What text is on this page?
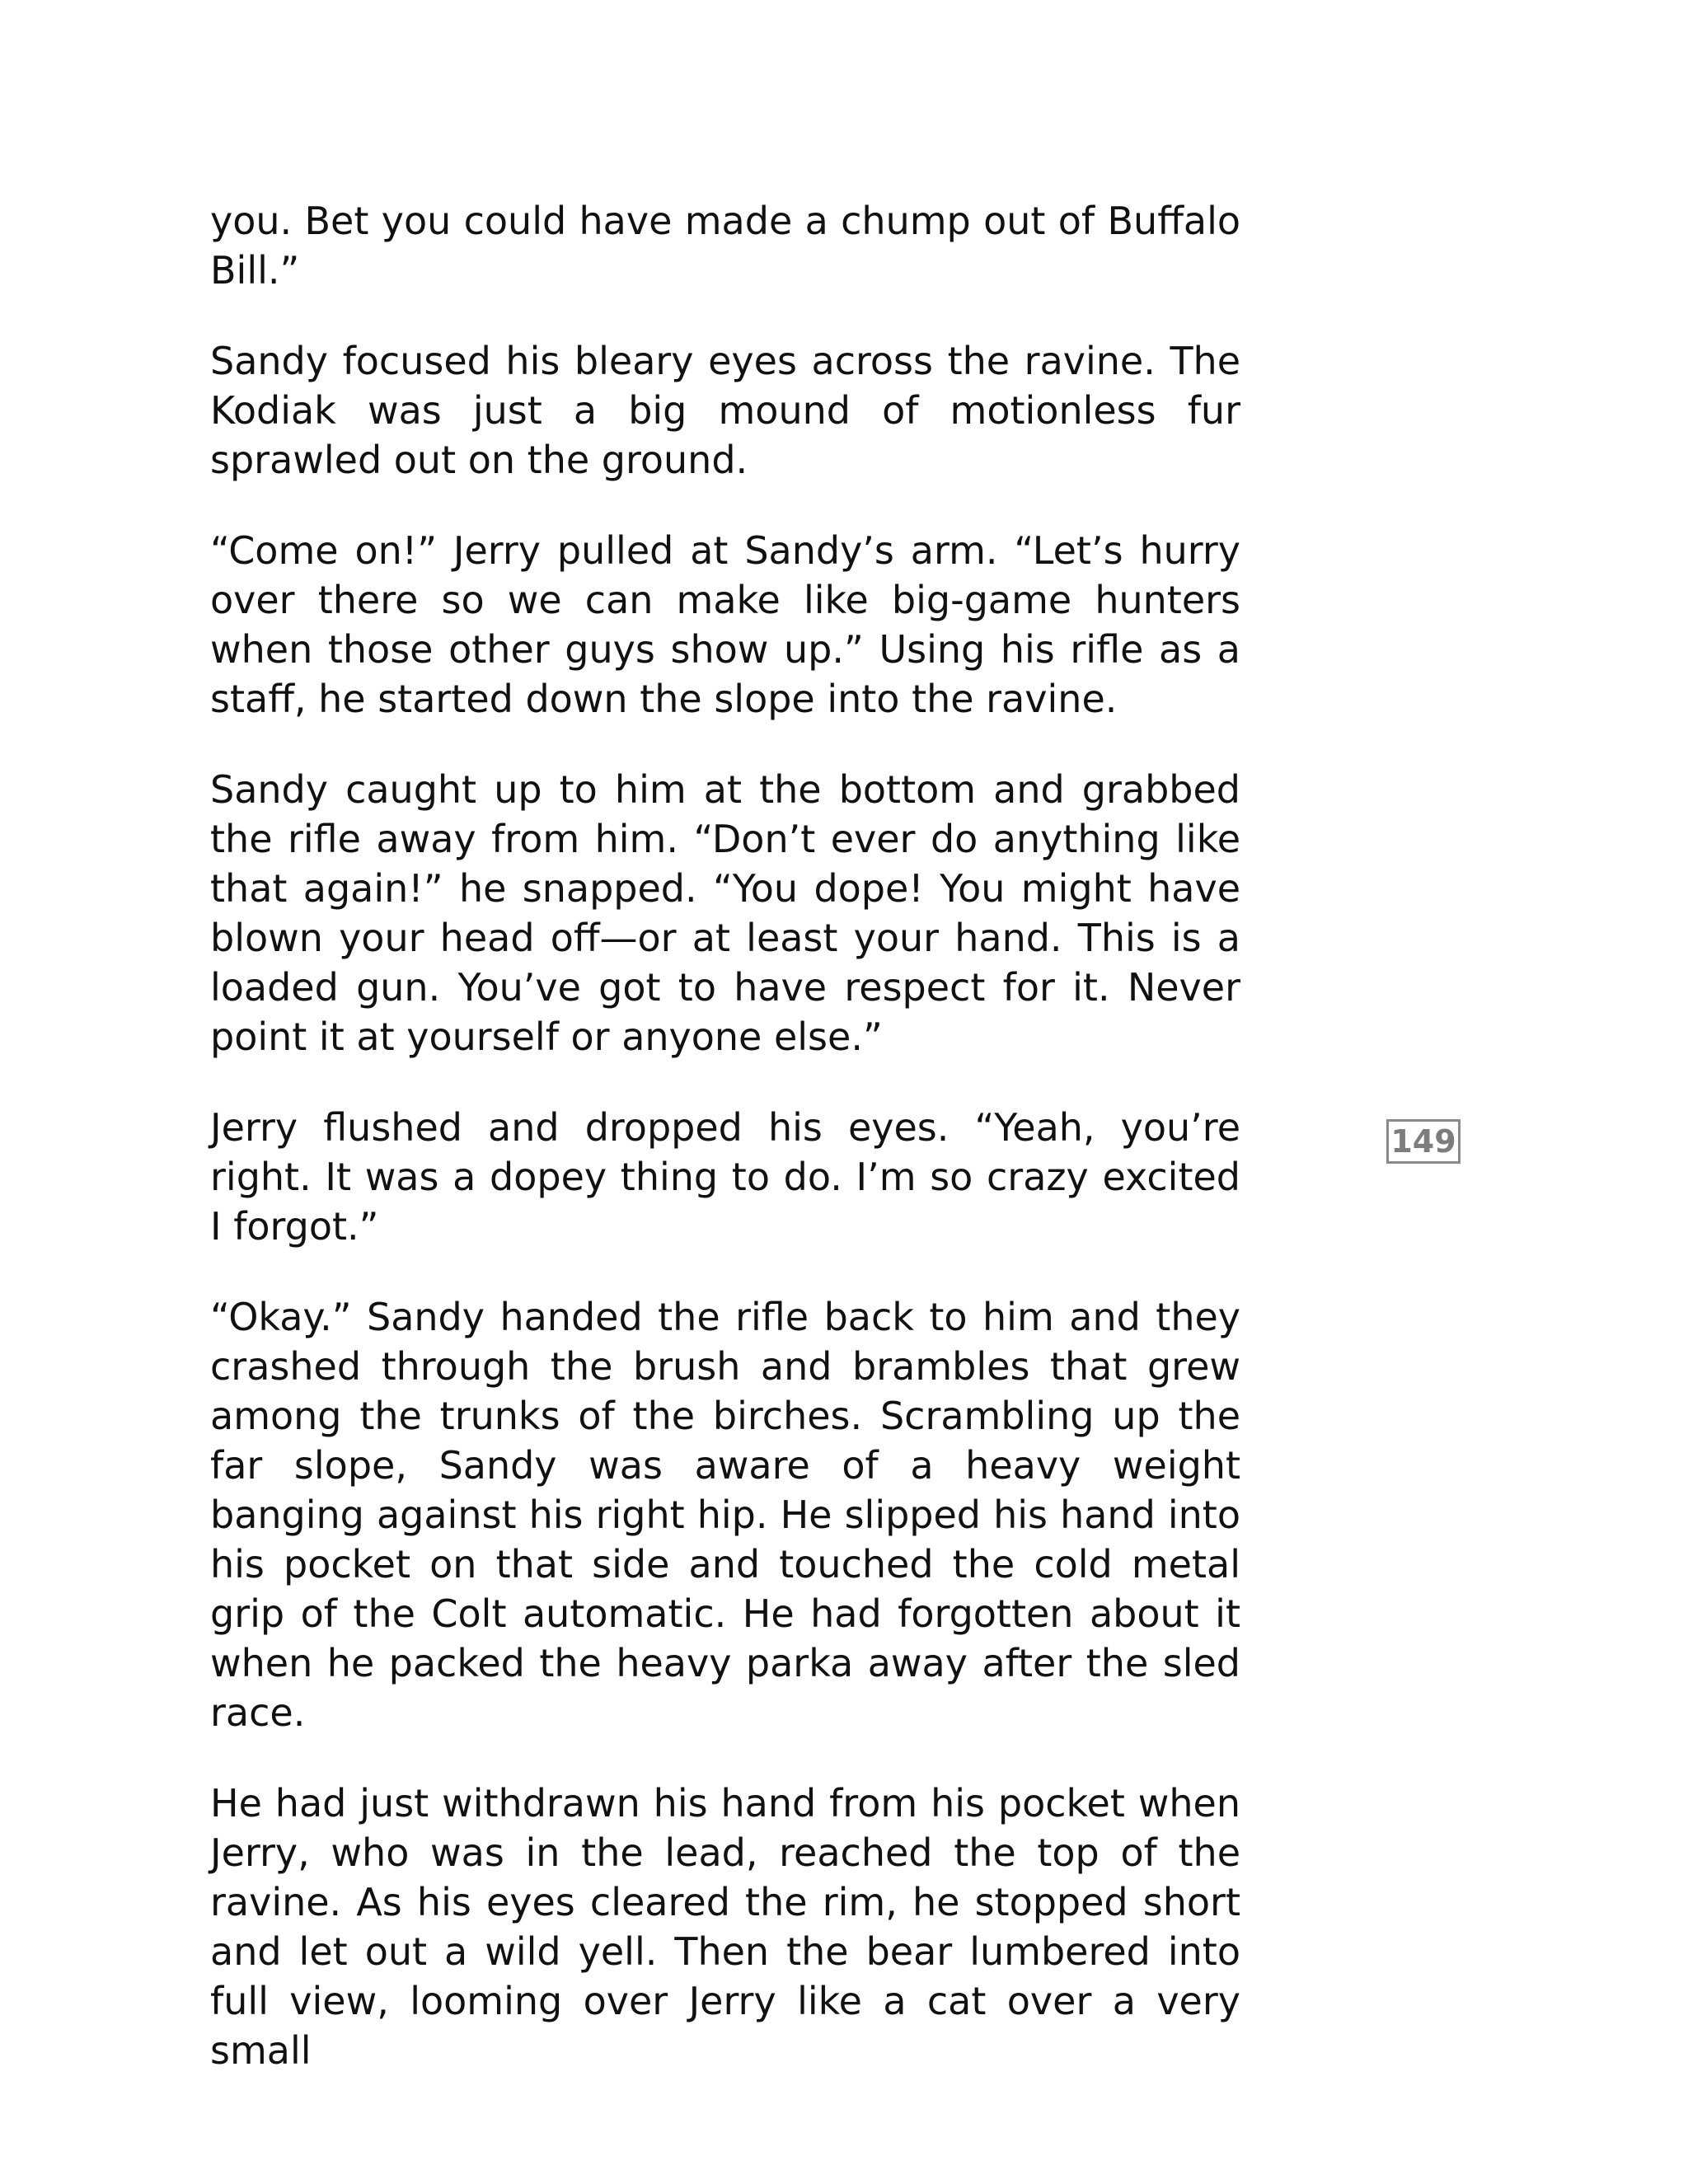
you. Bet you could have made a chump out of Buffalo Bill.”

Sandy focused his bleary eyes across the ravine. The Kodiak was just a big mound of motionless fur sprawled out on the ground.

“Come on!” Jerry pulled at Sandy’s arm. “Let’s hurry over there so we can make like big-game hunters when those other guys show up.” Using his rifle as a staff, he started down the slope into the ravine.

Sandy caught up to him at the bottom and grabbed the rifle away from him. “Don’t ever do anything like that again!” he snapped. “You dope! You might have blown your head off—or at least your hand. This is a loaded gun. You’ve got to have respect for it. Never point it at yourself or anyone else.”

Jerry flushed and dropped his eyes. “Yeah, you’re right. It was a dopey thing to do. I’m so crazy excited I forgot.”

“Okay.” Sandy handed the rifle back to him and they crashed through the brush and brambles that grew among the trunks of the birches. Scrambling up the far slope, Sandy was aware of a heavy weight banging against his right hip. He slipped his hand into his pocket on that side and touched the cold metal grip of the Colt automatic. He had forgotten about it when he packed the heavy parka away after the sled race.

He had just withdrawn his hand from his pocket when Jerry, who was in the lead, reached the top of the ravine. As his eyes cleared the rim, he stopped short and let out a wild yell. Then the bear lumbered into full view, looming over Jerry like a cat over a very small

149
